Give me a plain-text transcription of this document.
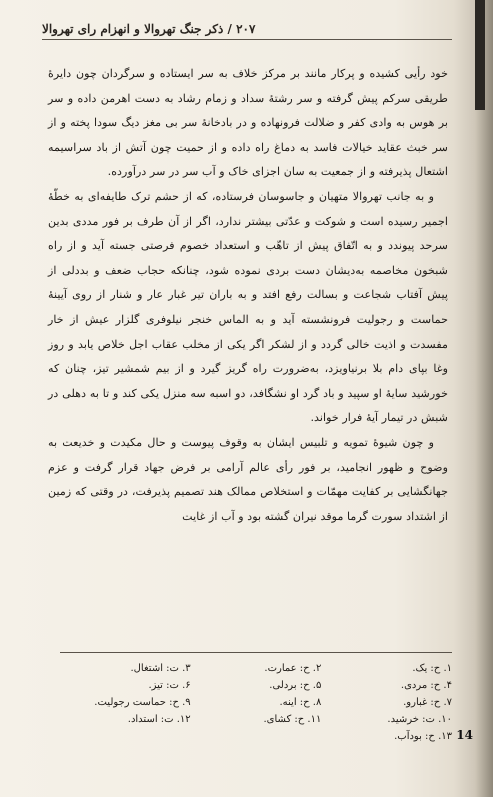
۲۰۷ / ذکر جنگ تهروالا و انهزام رای تهروالا

خود رأیی کشیده و پرکار مانند بر مرکز خلاف به سر ایستاده و سرگردان چون دایرهٔ طریقی سرکم پیش گرفته و سر رشتهٔ سداد و زمام رشاد به دست اهرمن داده و سر بر هوس به وادی کفر و ضلالت فرونهاده و در بادخانهٔ سر بی مغز دیگ سودا پخته و از سر خبث عقاید خیالات فاسد به دماغ راه داده و از حمیت چون آتش از باد سراسیمه اشتعال پذیرفته و از جمعیت به سان اجزای خاک و آب سر در سر درآورده.

و به جانب تهروالا متهیان و جاسوسان فرستاده، که از حشم ترک طایفه‌ای به خطّهٔ اجمیر رسیده است و شوکت و عدّتی بیشتر ندارد، اگر از آن طرف بر فور مددی بدین سرحد پیوندد و به اتّفاق پیش از تاهّب و استعداد خصوم فرصتی جسته آید و از راه شبخون مخاصمه به‌دیشان دست بردی نموده شود، چنانکه حجاب ضعف و بددلی از پیش آفتاب شجاعت و بسالت رفع افتد و به باران تیر غبار عار و شنار از روی آیینهٔ حماست و رجولیت فرونشسته آید و به الماس خنجر نیلوفری گلزار عیش از خار مفسدت و اذیت خالی گردد و از لشکر اگر یکی از مخلب عقاب اجل خلاص یابد و روز وغا بپای دام بلا برنیاویزد، به‌ضرورت راه گریز گیرد و از بیم شمشیر تیز، چنان که خورشید سایهٔ او سپید و باد گرد او نشگافد، دو اسبه سه منزل یکی کند و تا به دهلی در شبش در تیمار آیهٔ فرار خواند.

و چون شیوهٔ تمویه و تلبیس ایشان به وقوف پیوست و حال مکیدت و خدیعت به وضوح و ظهور انجامید، بر فور رأی عالم آرامی بر فرض جهاد قرار گرفت و عزم جهانگشایی بر کفایت مهمّات و استخلاص ممالک هند تصمیم پذیرفت، در وقتی که زمین از اشتداد سورت گرما موقد نیران گشته بود و آب از غایت

۱. ح: یک.
۲. ح: عمارت.
۳. ت: اشتغال.
۴. ح: مردی.
۵. ح: بردلی.
۶. ت: تیز.
۷. ح: غبارو.
۸. ح: اینه.
۹. ح: حماست رجولیت.
۱۰. ت: خرشید.
۱۱. ح: کشای.
۱۲. ت: استداد.
۱۳. ح: بودآب. 14
